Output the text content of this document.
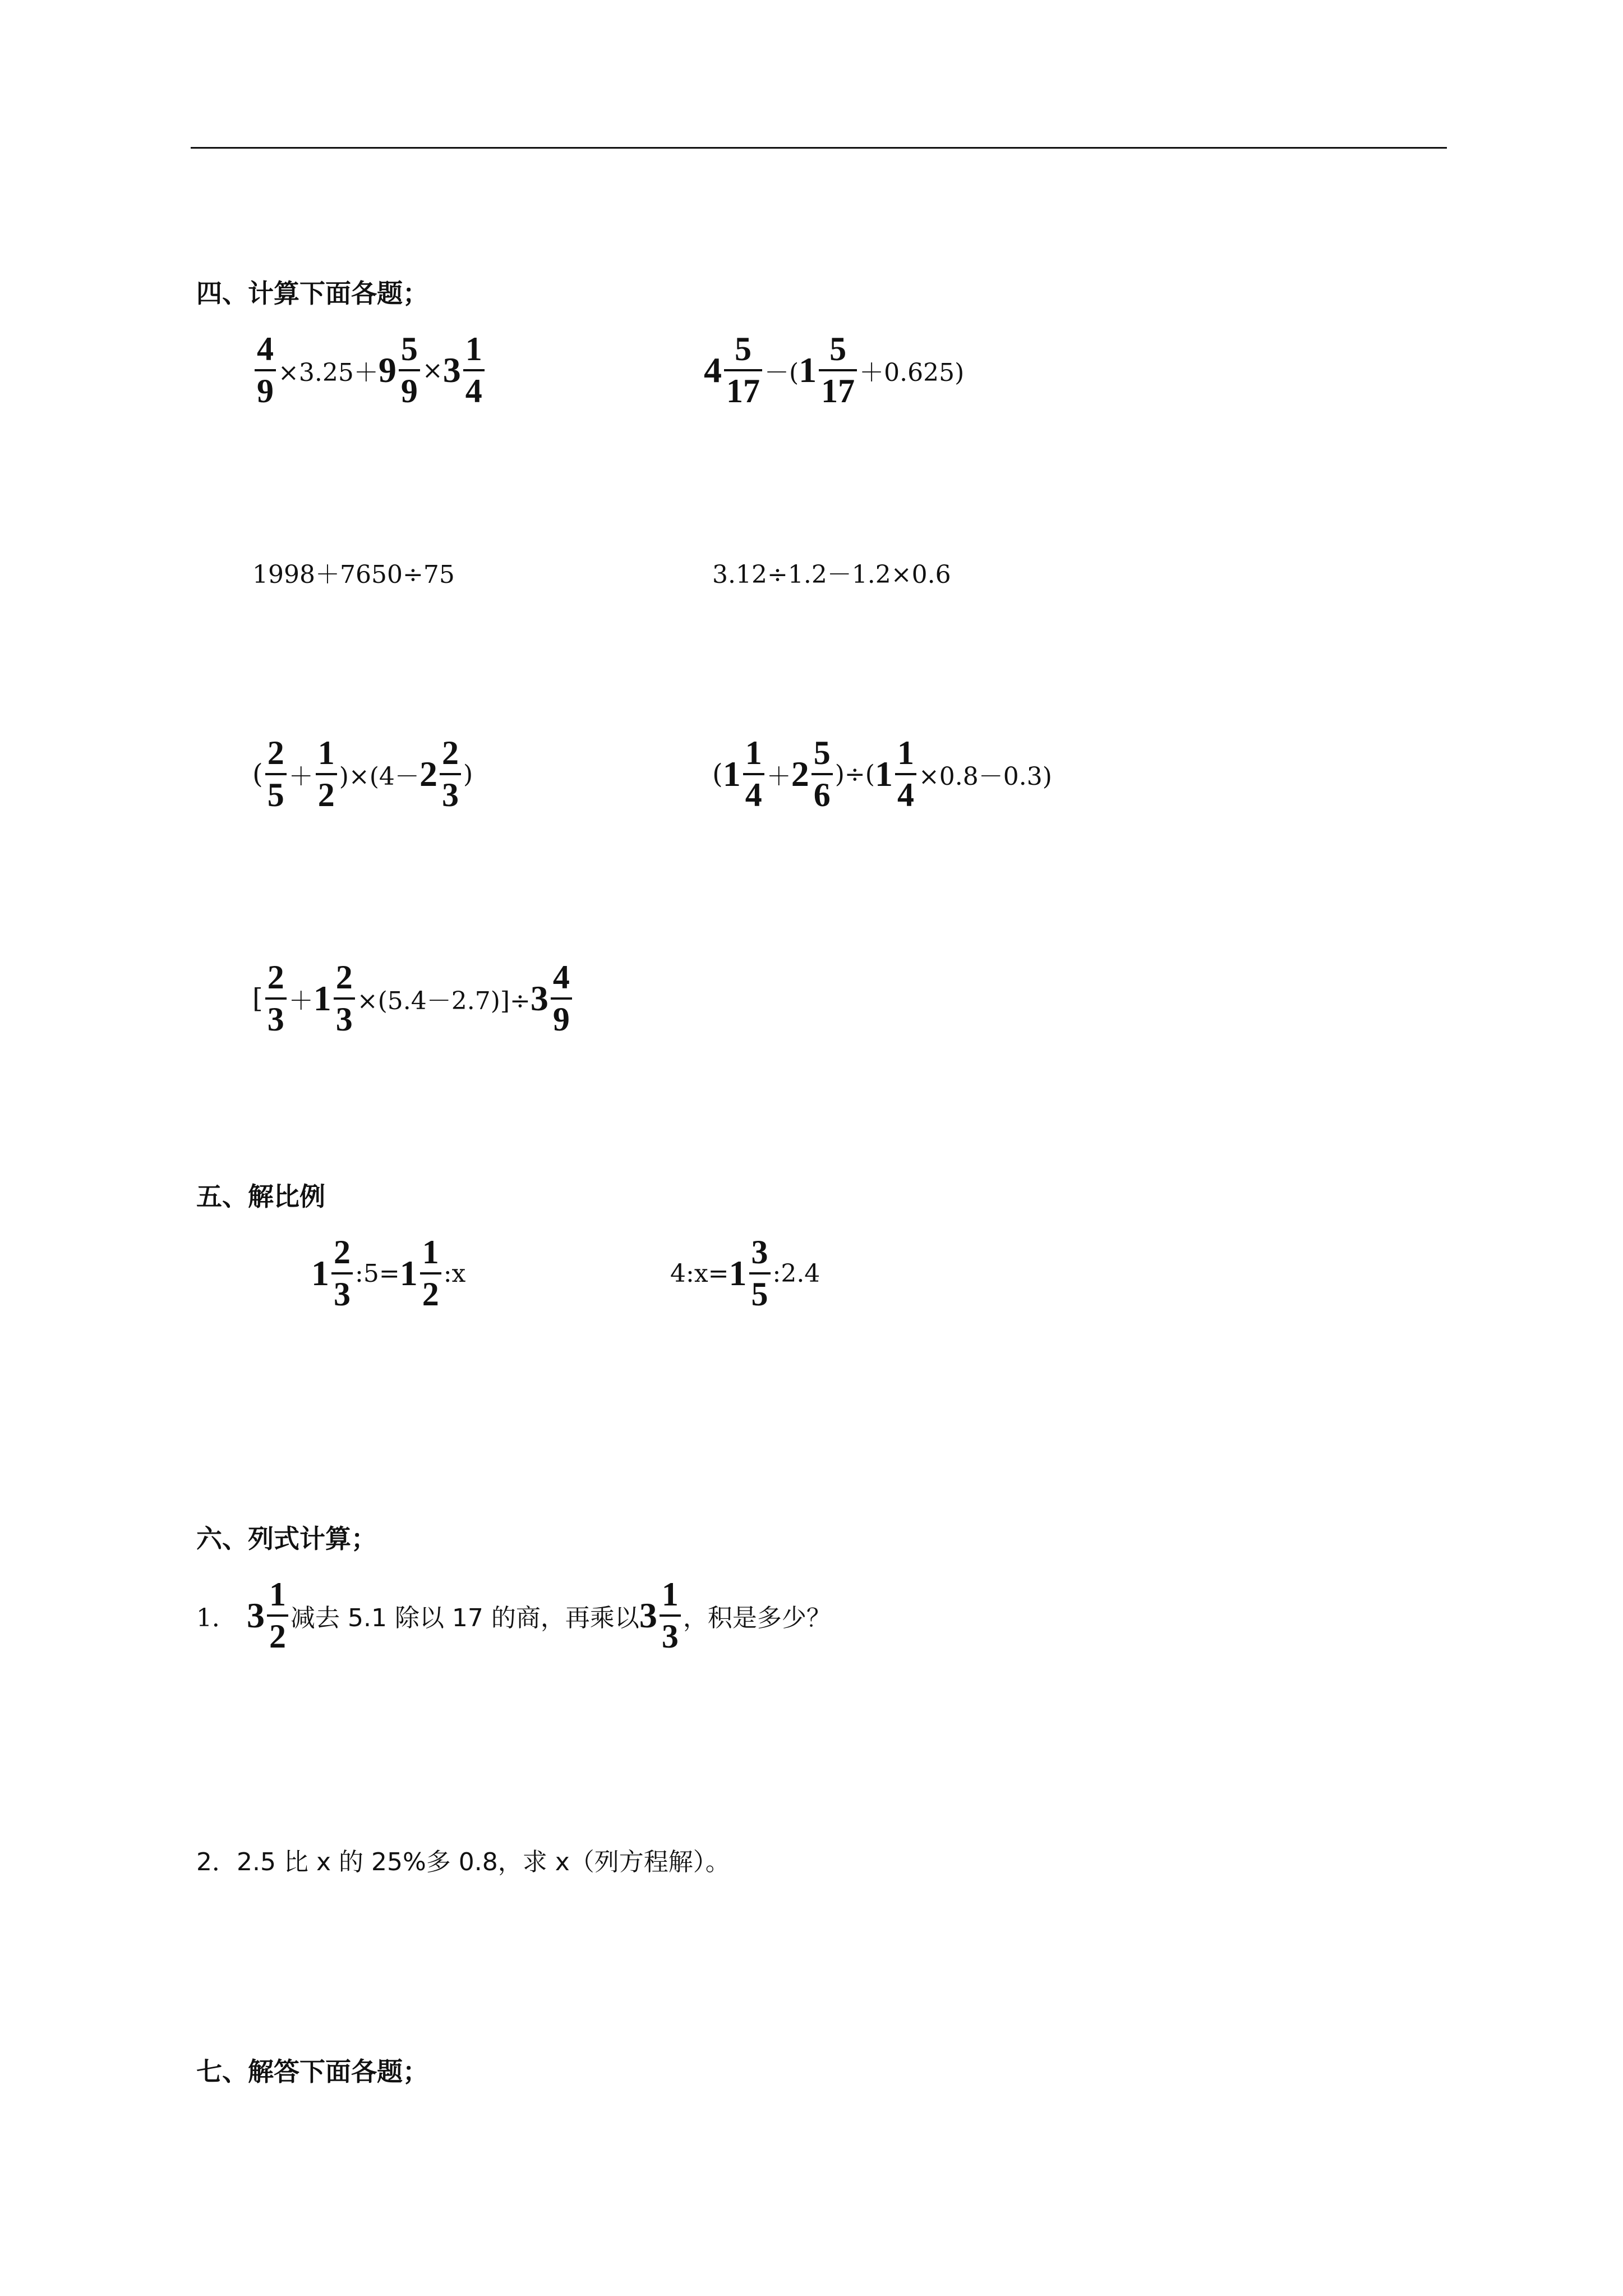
四、计算下面各题；
$\frac{4}{9} \times 3.25+ 9 \frac{5}{9} \times 3 \frac{1}{4}$	$4 \frac{5}{17}$ －( $1 \frac{5}{17} +0.625$)
1998＋7650÷75	3.12÷1.2－1.2×0.6
( $\frac{2}{5} + \frac{1}{2} )\times(4- 2 \frac{2}{3}$ )	( $1 \frac{1}{4} + 2 \frac{5}{6}$ )÷( $1 \frac{1}{4} \times 0.8-0.3$)
[ $\frac{2}{3} + 1 \frac{2}{3} \times(5.4-2.7)]\div 3 \frac{4}{9}$
五、解比例
$1 \frac{2}{3}$ :5= $1 \frac{1}{2}$ :x	4:x= $1 \frac{3}{5}$ :2.4
六、列式计算；
1． $3 \frac{1}{2}$ 减去 5.1 除以 17 的商，再乘以 $3 \frac{1}{3}$ ，积是多少？
2．2.5 比 x 的 25%多 0.8，求 x（列方程解）。
七、解答下面各题；
